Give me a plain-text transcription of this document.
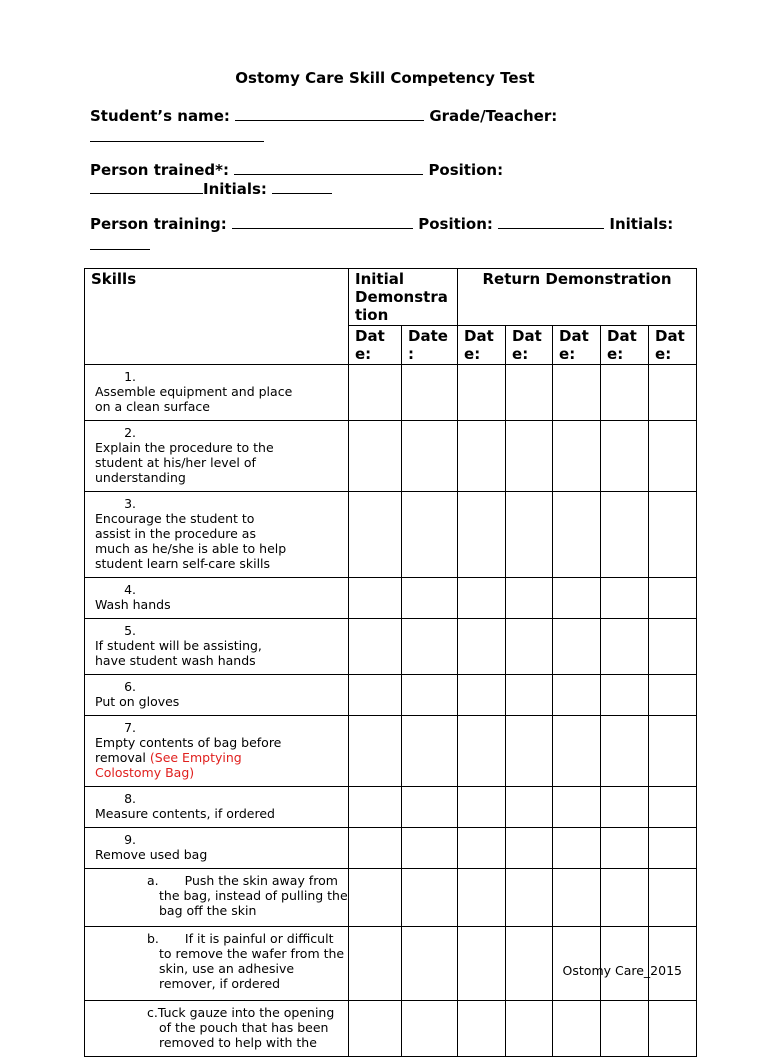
Ostomy Care Skill Competency Test
Student’s name:	Grade/Teacher:
Person trained*:	Position:
Initials:
Person training:	Position:	Initials:
Skills	Initial Demonstra tion		Return Demonstration				
	Dat e:	Date :	Dat e:	Dat e:	Dat e:	Dat e:	Dat e:
1.Assemble equipment and place on a clean surface							
2.Explain the procedure to the student at his/her level of understanding							
3.Encourage the student to assist in the procedure as much as he/she is able to help student learn self-care skills							
4.Wash hands							
5.If student will be assisting, have student wash hands							
6.Put on gloves							
7.Empty contents of bag before removal (See Emptying Colostomy Bag)							
8.Measure contents, if ordered							
9.Remove used bag							

a. Push the skin away from the bag, instead of pulling the bag off the skin							

b. If it is painful or difficult to remove the wafer from the skin, use an adhesive remover, if ordered							

c.Tuck gauze into the opening of the pouch that has been removed to help with the							

Ostomy Care_2015
